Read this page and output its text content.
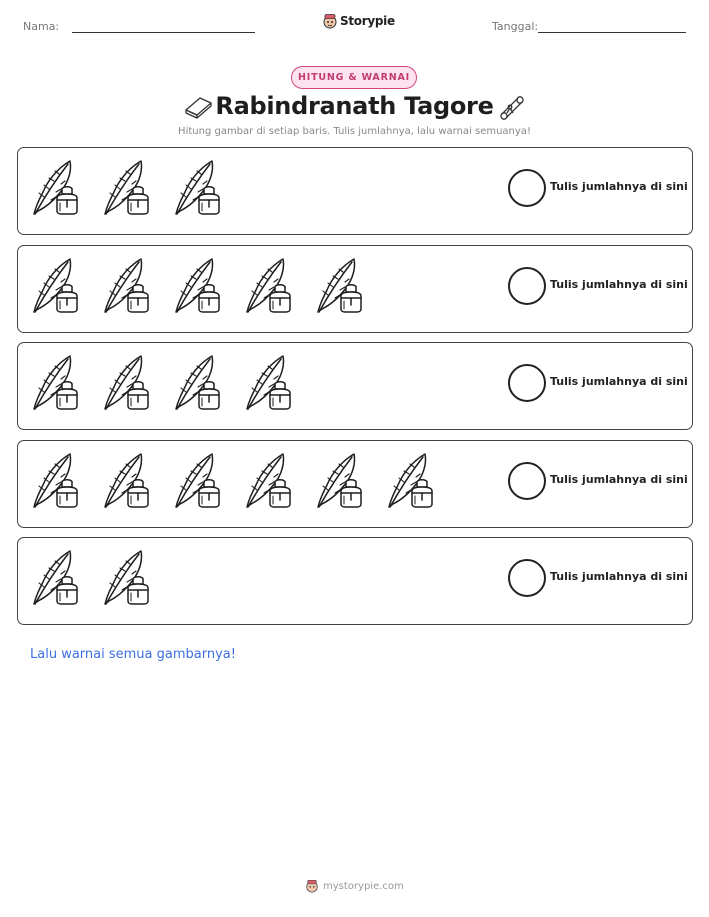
Nama:	Storypie	Tanggal:
HITUNG & WARNAI
Rabindranath Tagore
Hitung gambar di setiap baris. Tulis jumlahnya, lalu warnai semuanya!
Tulis jumlahnya di sini
Tulis jumlahnya di sini
Tulis jumlahnya di sini
Tulis jumlahnya di sini
Tulis jumlahnya di sini
Lalu warnai semua gambarnya!
mystorypie.com
